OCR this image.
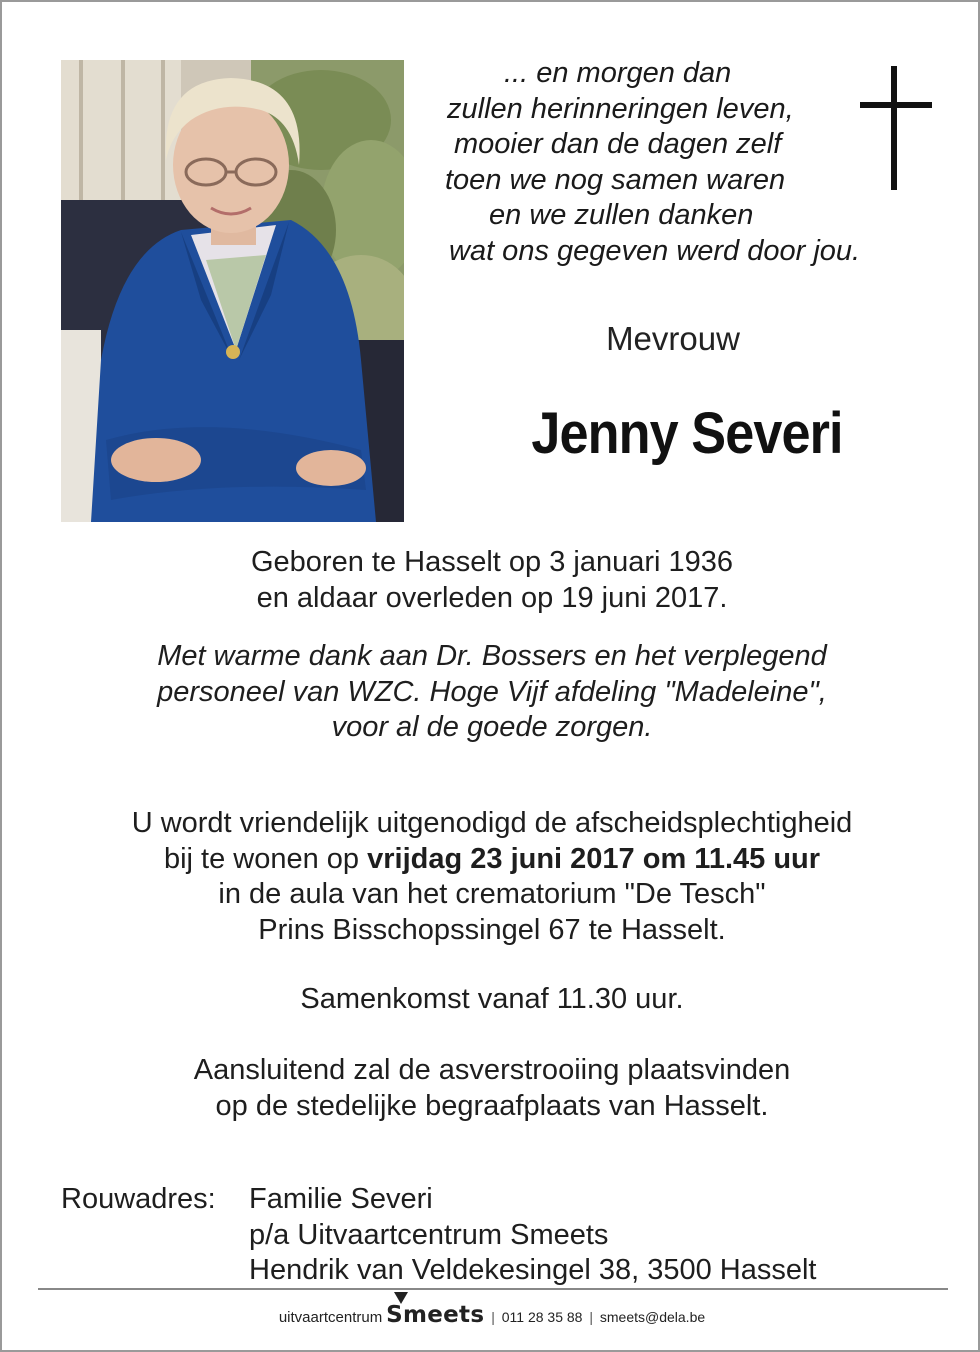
... en morgen dan
zullen herinneringen leven,
mooier dan de dagen zelf
toen we nog samen waren
en we zullen danken
wat ons gegeven werd door jou.
Mevrouw
Jenny Severi
Geboren te Hasselt op 3 januari 1936
en aldaar overleden op 19 juni 2017.
Met warme dank aan Dr. Bossers en het verplegend
personeel van WZC. Hoge Vijf afdeling "Madeleine",
voor al de goede zorgen.
U wordt vriendelijk uitgenodigd de afscheidsplechtigheid
bij te wonen op vrijdag 23 juni 2017 om 11.45 uur
in de aula van het crematorium "De Tesch"
Prins Bisschopssingel 67 te Hasselt.
Samenkomst vanaf 11.30 uur.
Aansluitend zal de asverstrooiing plaatsvinden
op de stedelijke begraafplaats van Hasselt.
Rouwadres: Familie Severi
p/a Uitvaartcentrum Smeets
Hendrik van Veldekesingel 38, 3500 Hasselt
uitvaartcentrum Smeets | 011 28 35 88 | smeets@dela.be
